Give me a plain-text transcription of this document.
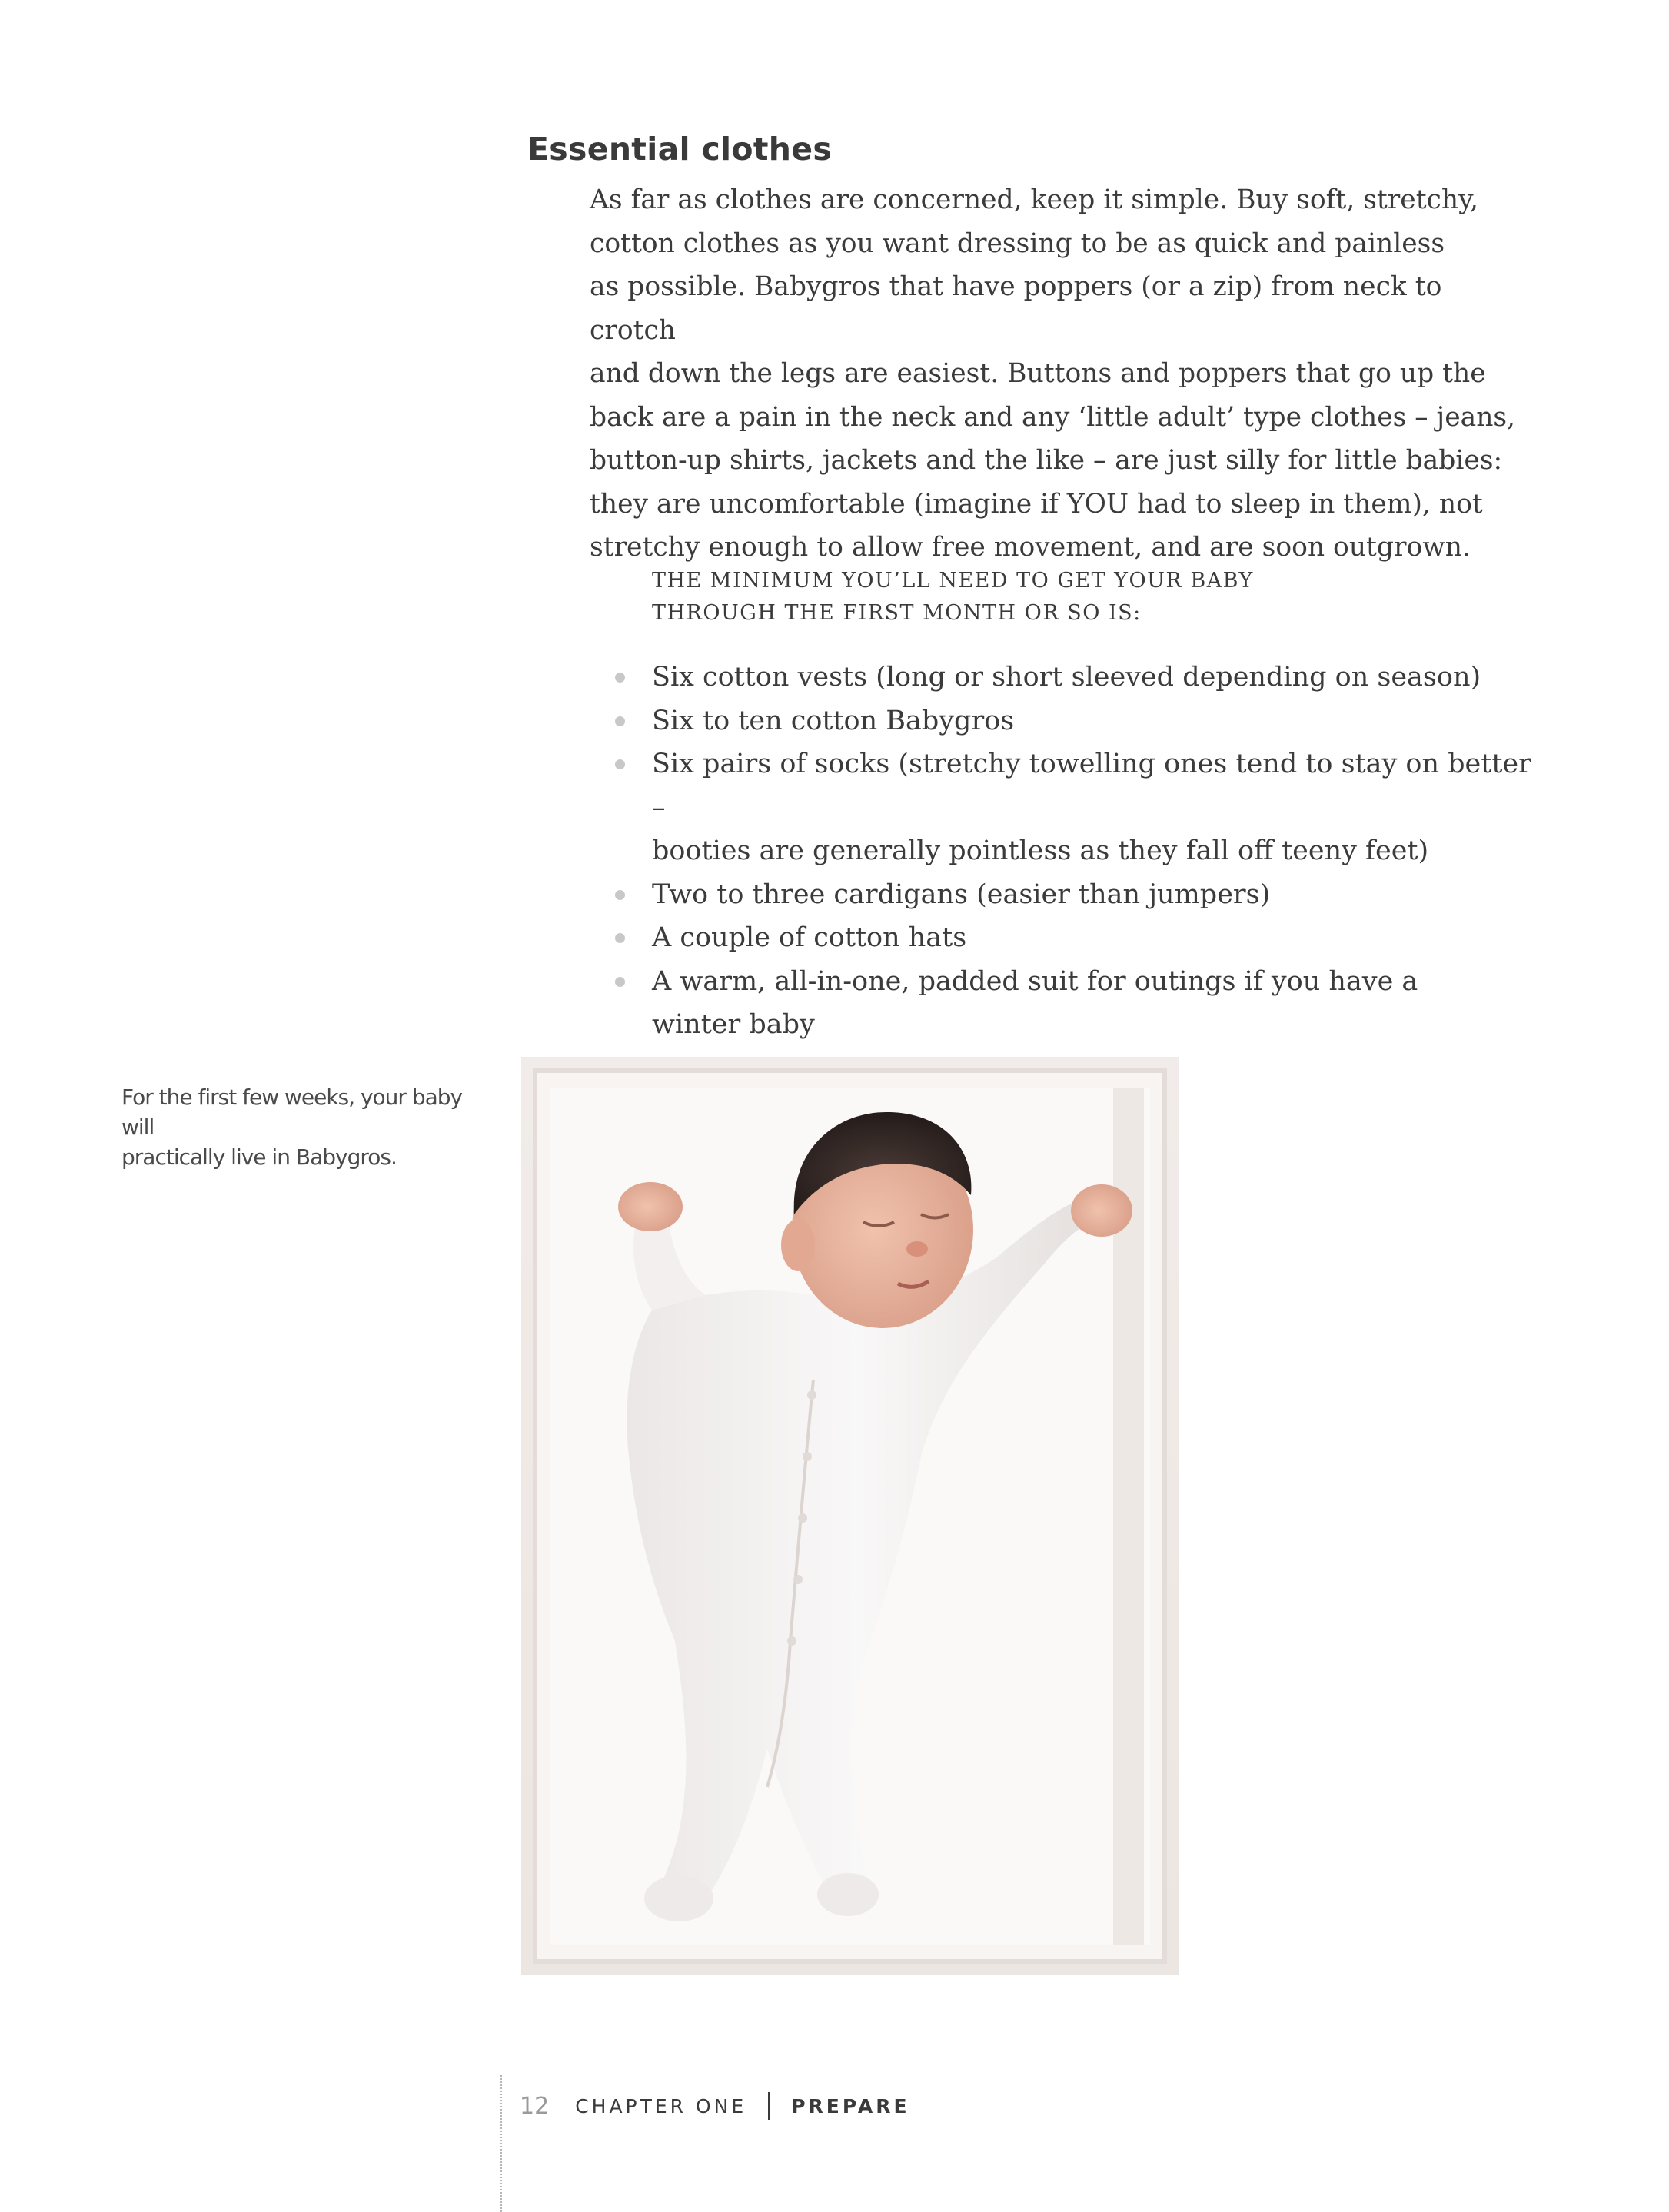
Essential clothes

As far as clothes are concerned, keep it simple. Buy soft, stretchy,
cotton clothes as you want dressing to be as quick and painless
as possible. Babygros that have poppers (or a zip) from neck to crotch
and down the legs are easiest. Buttons and poppers that go up the
back are a pain in the neck and any ‘little adult’ type clothes – jeans,
button-up shirts, jackets and the like – are just silly for little babies:
they are uncomfortable (imagine if YOU had to sleep in them), not
stretchy enough to allow free movement, and are soon outgrown.

THE MINIMUM YOU’LL NEED TO GET YOUR BABY
THROUGH THE FIRST MONTH OR SO IS:

Six cotton vests (long or short sleeved depending on season)
Six to ten cotton Babygros
Six pairs of socks (stretchy towelling ones tend to stay on better –
booties are generally pointless as they fall off teeny feet)
Two to three cardigans (easier than jumpers)
A couple of cotton hats
A warm, all-in-one, padded suit for outings if you have a
winter baby

For the first few weeks, your baby will
practically live in Babygros.

12 CHAPTER ONE PREPARE
